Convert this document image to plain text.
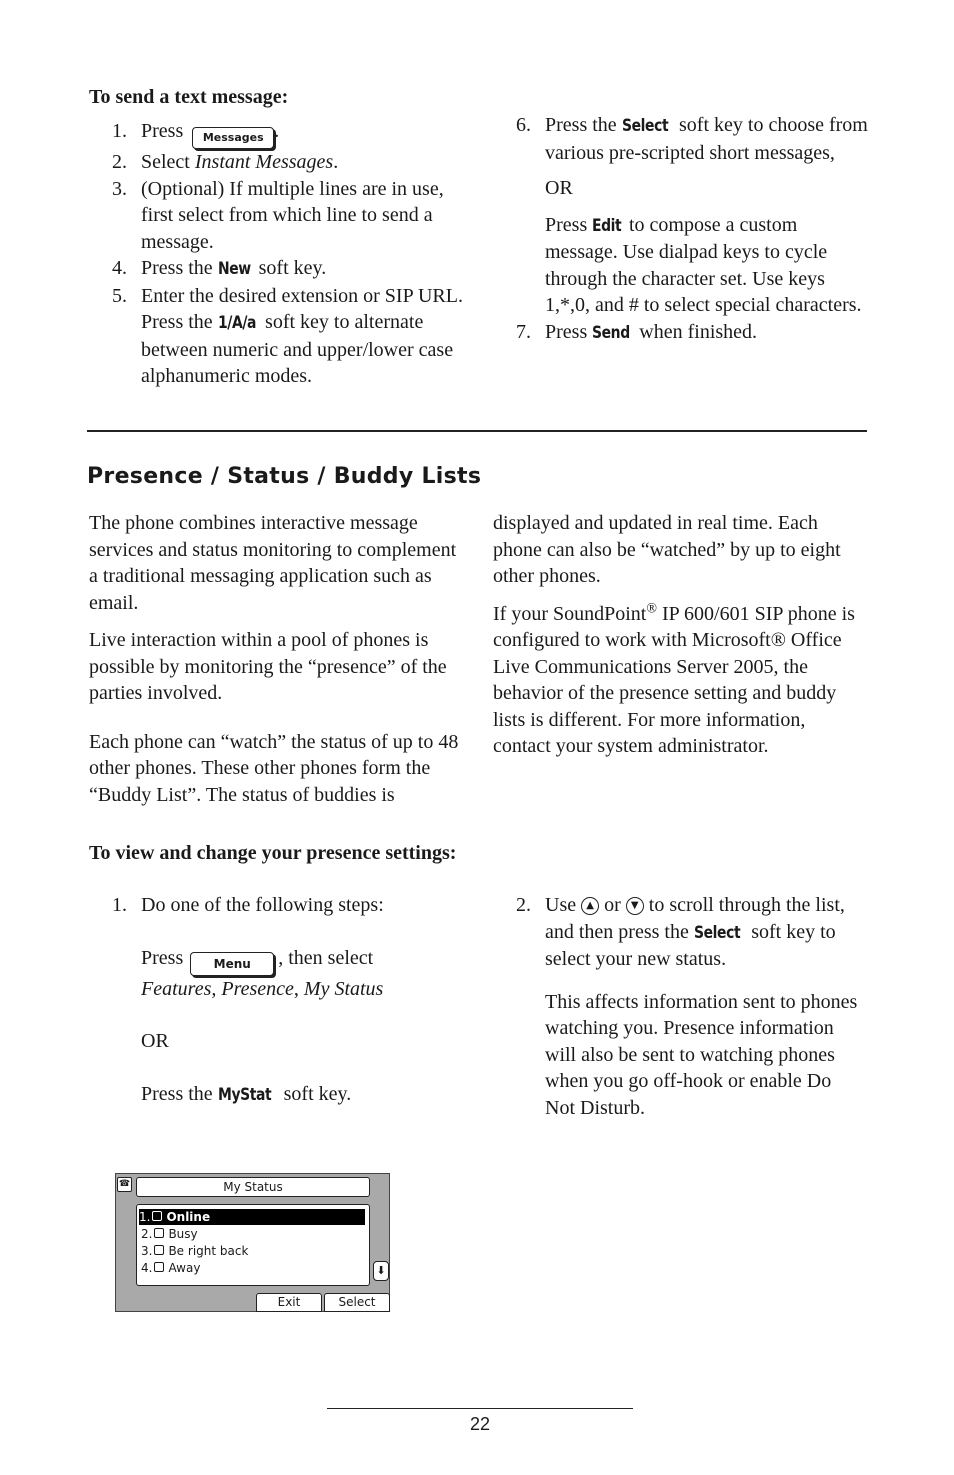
To send a text message:
1. Press Messages .
2. Select Instant Messages.
3. (Optional) If multiple lines are in use, first select from which line to send a message.
4. Press the New soft key.
5. Enter the desired extension or SIP URL. Press the 1/A/a soft key to alternate between numeric and upper/lower case alphanumeric modes.
6. Press the Select soft key to choose from various pre-scripted short messages,

OR

Press Edit to compose a custom message. Use dialpad keys to cycle through the character set. Use keys 1,*,0, and # to select special characters.

7. Press Send when finished.
Presence / Status / Buddy Lists

The phone combines interactive message services and status monitoring to complement a traditional messaging application such as email.

Live interaction within a pool of phones is possible by monitoring the “presence” of the parties involved.

Each phone can “watch” the status of up to 48 other phones. These other phones form the “Buddy List”. The status of buddies is

displayed and updated in real time. Each phone can also be “watched” by up to eight other phones.

If your SoundPoint® IP 600/601 SIP phone is configured to work with Microsoft® Office Live Communications Server 2005, the behavior of the presence setting and buddy lists is different. For more information, contact your system administrator.

To view and change your presence settings:
1. Do one of the following steps:

Press	Menu , then select
Features, Presence, My Status

OR

Press the MyStat soft key.

2. Use	▲ or	▼ to scroll through the list, and then press the Select soft key to select your new status.

This affects information sent to phones watching you. Presence information will also be sent to watching phones when you go off-hook or enable Do Not Disturb.

☎	My Status
1. Online
2. Busy
3. Be right back
4. Away	⬇
Exit	Select
22
